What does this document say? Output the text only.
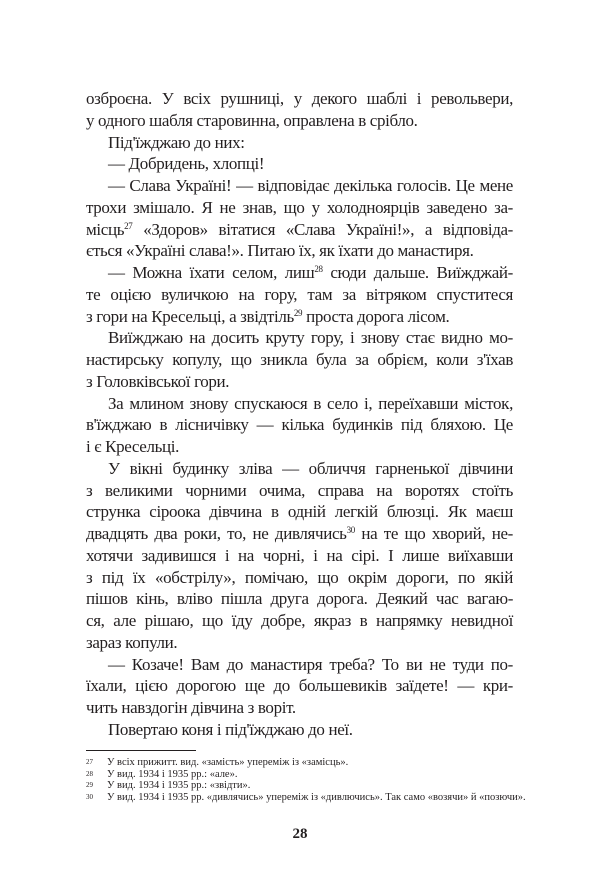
озброєна. У всіх рушниці, у декого шаблі і револьвери,
у одного шабля старовинна, оправлена в срібло.
Під'їжджаю до них:
— Добридень, хлопці!
— Слава Україні! — відповідає декілька голосів. Це мене
трохи змішало. Я не знав, що у холодноярців заведено за-
місць$^{27}$ «Здоров» вітатися «Слава Україні!», а відповіда-
ється «Україні слава!». Питаю їх, як їхати до манастиря.
— Можна їхати селом, лиш$^{28}$ сюди дальше. Виїжджай-
те оцією вуличкою на гору, там за вітряком спуститеся
з гори на Кресельці, а звідтіль$^{29}$ проста дорога лісом.
Виїжджаю на досить круту гору, і знову стає видно мо-
настирську копулу, що зникла була за обрієм, коли з'їхав
з Головківської гори.
За млином знову спускаюся в село і, переїхавши місток,
в'їжджаю в лісничівку — кілька будинків під бляхою. Це
і є Кресельці.
У вікні будинку зліва — обличчя гарненької дівчини
з великими чорними очима, справа на воротях стоїть
струнка сіроока дівчина в одній легкій блюзці. Як маєш
двадцять два роки, то, не дивлячись$^{30}$ на те що хворий, не-
хотячи задивишся і на чорні, і на сірі. І лише виїхавши
з під їх «обстрілу», помічаю, що окрім дороги, по якій
пішов кінь, вліво пішла друга дорога. Деякий час вагаю-
ся, але рішаю, що їду добре, якраз в напрямку невидної
зараз копули.
— Козаче! Вам до манастиря треба? То ви не туди по-
їхали, цією дорогою ще до большевиків заїдете! — кри-
чить навздогін дівчина з воріт.
Повертаю коня і під'їжджаю до неї.
27 У всіх прижитт. вид. «замість» упереміж із «замісць».
28 У вид. 1934 і 1935 рр.: «але».
29 У вид. 1934 і 1935 рр.: «звідти».
30 У вид. 1934 і 1935 рр. «дивлячись» упереміж із «дивлючись». Так само «возячи» й «позючи».
28
